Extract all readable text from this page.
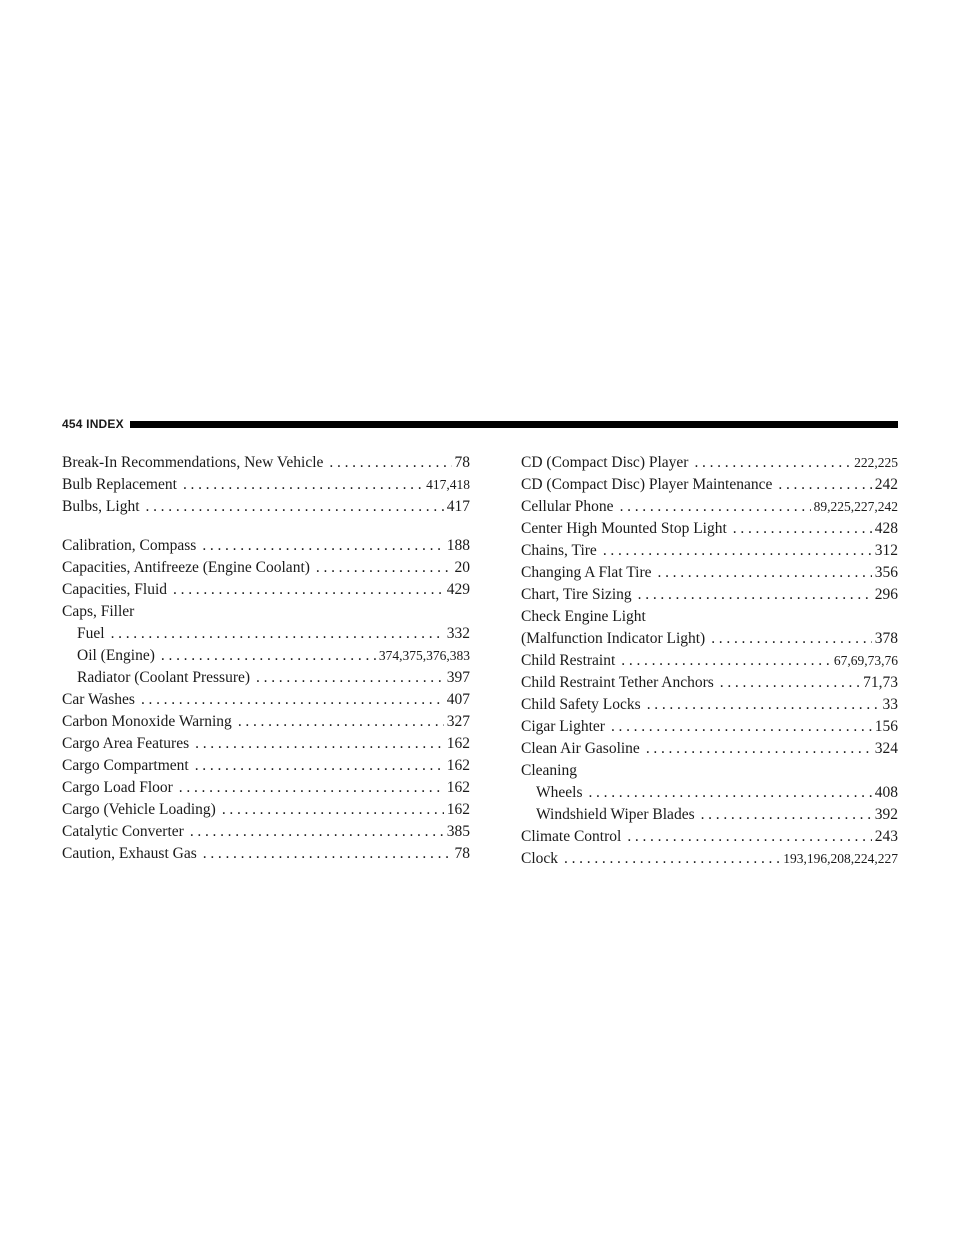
454 INDEX
Break-In Recommendations, New Vehicle .....	78
Bulb Replacement .....	417,418
Bulbs, Light .....	417
Calibration, Compass .....	188
Capacities, Antifreeze (Engine Coolant) .....	20
Capacities, Fluid .....	429
Caps, Filler
Fuel .....	332
Oil (Engine) .....	374,375,376,383
Radiator (Coolant Pressure) .....	397
Car Washes .....	407
Carbon Monoxide Warning .....	327
Cargo Area Features .....	162
Cargo Compartment .....	162
Cargo Load Floor .....	162
Cargo (Vehicle Loading) .....	162
Catalytic Converter .....	385
Caution, Exhaust Gas .....	78
CD (Compact Disc) Player .....	222,225
CD (Compact Disc) Player Maintenance .....	242
Cellular Phone .....	89,225,227,242
Center High Mounted Stop Light .....	428
Chains, Tire .....	312
Changing A Flat Tire .....	356
Chart, Tire Sizing .....	296
Check Engine Light
(Malfunction Indicator Light) .....	378
Child Restraint .....	67,69,73,76
Child Restraint Tether Anchors .....	71,73
Child Safety Locks .....	33
Cigar Lighter .....	156
Clean Air Gasoline .....	324
Cleaning
Wheels .....	408
Windshield Wiper Blades .....	392
Climate Control .....	243
Clock .....	193,196,208,224,227
